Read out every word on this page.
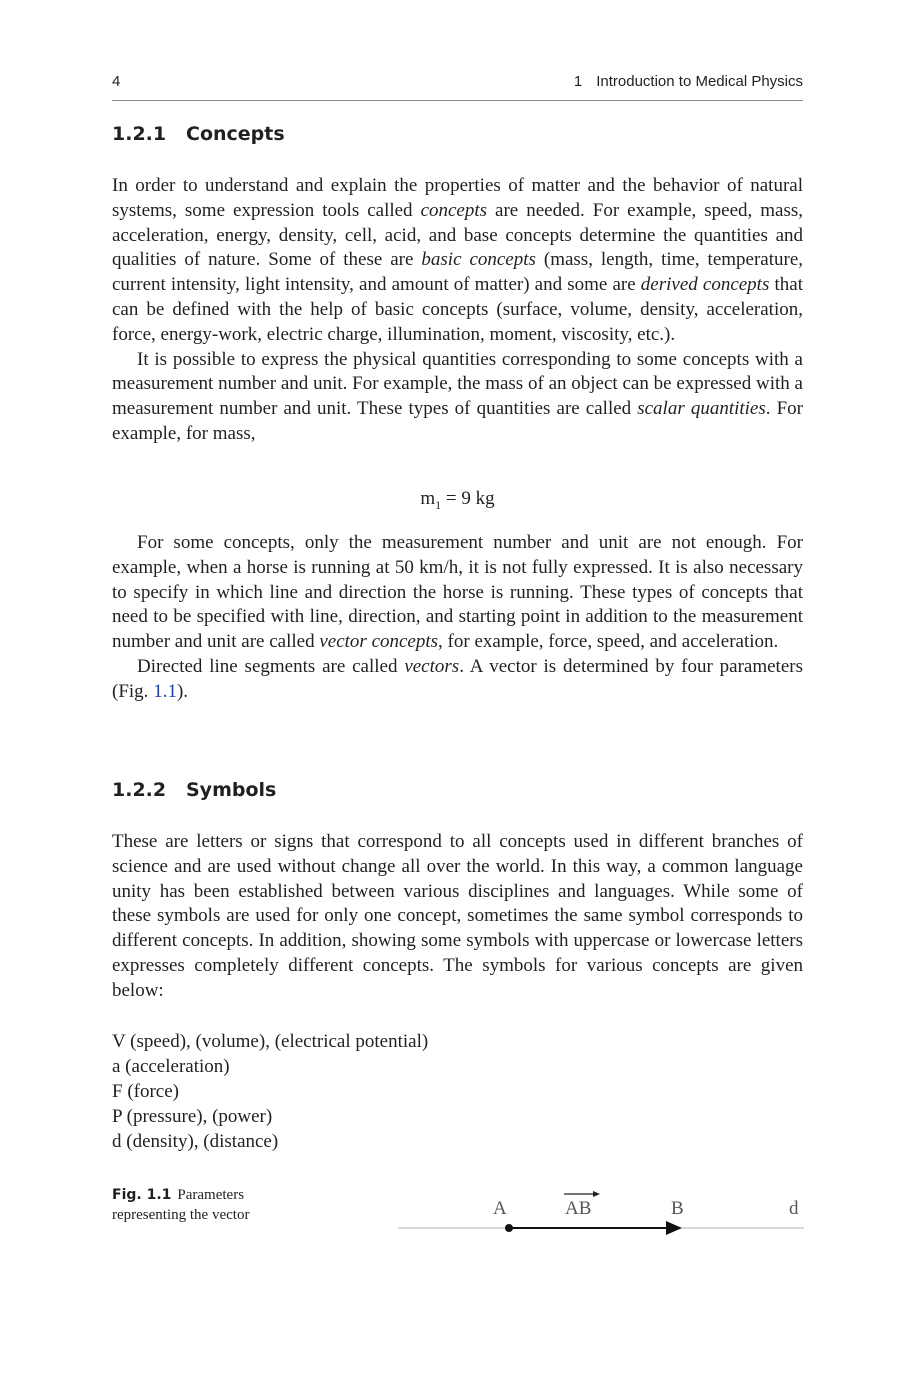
4	1 Introduction to Medical Physics
1.2.1 Concepts

In order to understand and explain the properties of matter and the behavior of natural systems, some expression tools called concepts are needed. For example, speed, mass, acceleration, energy, density, cell, acid, and base concepts determine the quantities and qualities of nature. Some of these are basic concepts (mass, length, time, temperature, current intensity, light intensity, and amount of matter) and some are derived concepts that can be defined with the help of basic concepts (surface, volume, density, acceleration, force, energy-work, electric charge, illumination, moment, viscosity, etc.).

It is possible to express the physical quantities corresponding to some concepts with a measurement number and unit. For example, the mass of an object can be expressed with a measurement number and unit. These types of quantities are called scalar quantities. For example, for mass,

$m_1 = 9$ kg

For some concepts, only the measurement number and unit are not enough. For example, when a horse is running at 50 km/h, it is not fully expressed. It is also necessary to specify in which line and direction the horse is running. These types of concepts that need to be specified with line, direction, and starting point in addition to the measurement number and unit are called vector concepts, for example, force, speed, and acceleration.

Directed line segments are called vectors. A vector is determined by four parameters (Fig. 1.1).

1.2.2 Symbols

These are letters or signs that correspond to all concepts used in different branches of science and are used without change all over the world. In this way, a common language unity has been established between various disciplines and languages. While some of these symbols are used for only one concept, sometimes the same symbol corresponds to different concepts. In addition, showing some symbols with uppercase or lowercase letters expresses completely different concepts. The symbols for various concepts are given below:

V (speed), (volume), (electrical potential)
a (acceleration)
F (force)
P (pressure), (power)
d (density), (distance)
Fig. 1.1 Parameters representing the vector	A	AB	B	d
